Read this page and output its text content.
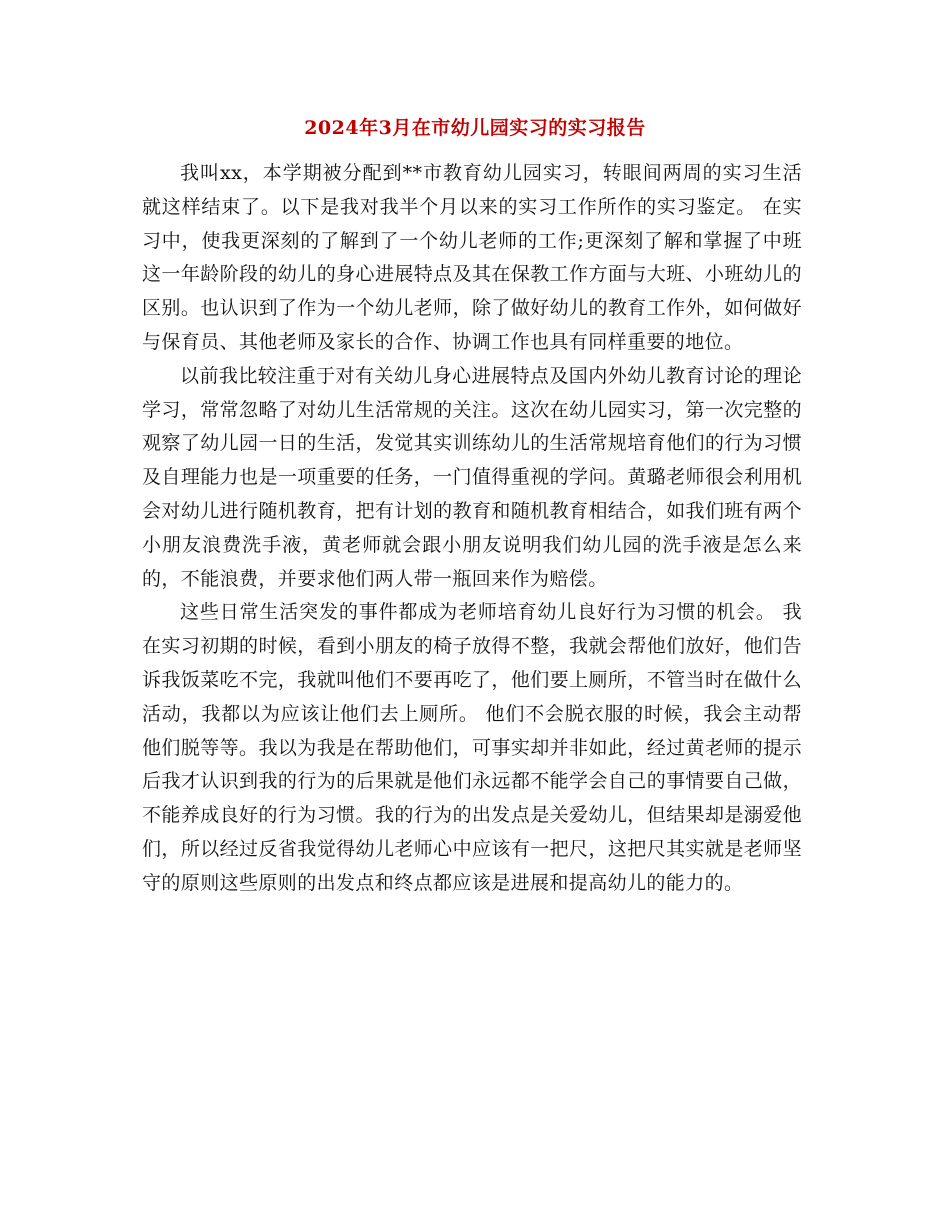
2024年3月在市幼儿园实习的实习报告

我叫xx，本学期被分配到**市教育幼儿园实习，转眼间两周的实习生活就这样结束了。以下是我对我半个月以来的实习工作所作的实习鉴定。 在实习中，使我更深刻的了解到了一个幼儿老师的工作;更深刻了解和掌握了中班这一年龄阶段的幼儿的身心进展特点及其在保教工作方面与大班、小班幼儿的区别。也认识到了作为一个幼儿老师，除了做好幼儿的教育工作外，如何做好与保育员、其他老师及家长的合作、协调工作也具有同样重要的地位。

以前我比较注重于对有关幼儿身心进展特点及国内外幼儿教育讨论的理论学习，常常忽略了对幼儿生活常规的关注。这次在幼儿园实习，第一次完整的观察了幼儿园一日的生活，发觉其实训练幼儿的生活常规培育他们的行为习惯及自理能力也是一项重要的任务，一门值得重视的学问。黄璐老师很会利用机会对幼儿进行随机教育，把有计划的教育和随机教育相结合，如我们班有两个小朋友浪费洗手液，黄老师就会跟小朋友说明我们幼儿园的洗手液是怎么来的，不能浪费，并要求他们两人带一瓶回来作为赔偿。

这些日常生活突发的事件都成为老师培育幼儿良好行为习惯的机会。 我在实习初期的时候，看到小朋友的椅子放得不整，我就会帮他们放好，他们告诉我饭菜吃不完，我就叫他们不要再吃了，他们要上厕所，不管当时在做什么活动，我都以为应该让他们去上厕所。 他们不会脱衣服的时候，我会主动帮他们脱等等。我以为我是在帮助他们，可事实却并非如此，经过黄老师的提示后我才认识到我的行为的后果就是他们永远都不能学会自己的事情要自己做，不能养成良好的行为习惯。我的行为的出发点是关爱幼儿，但结果却是溺爱他们，所以经过反省我觉得幼儿老师心中应该有一把尺，这把尺其实就是老师坚守的原则这些原则的出发点和终点都应该是进展和提高幼儿的能力的。
